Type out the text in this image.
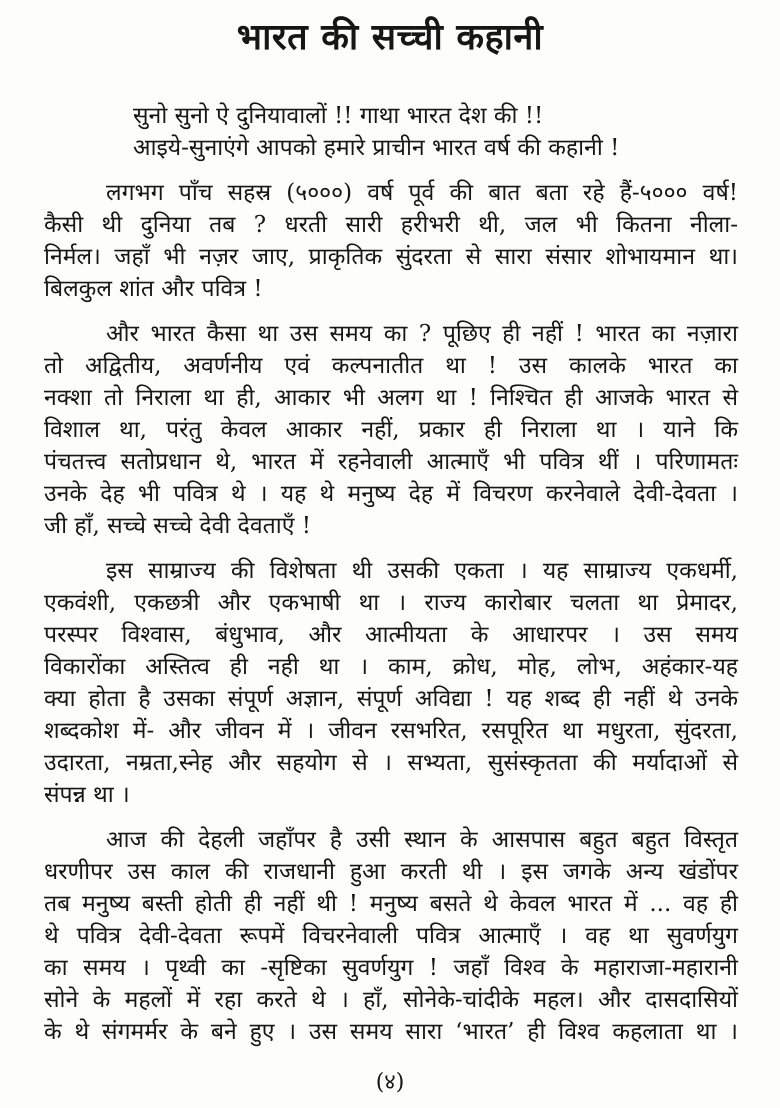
भारत की सच्ची कहानी
सुनो सुनो ऐ दुनियावालों !! गाथा भारत देश की !!
आइये-सुनाएंगे आपको हमारे प्राचीन भारत वर्ष की कहानी !
लगभग पाँच सहस्र (५०००) वर्ष पूर्व की बात बता रहे हैं-५००० वर्ष!
कैसी थी दुनिया तब ? धरती सारी हरीभरी थी, जल भी कितना नीला-
निर्मल। जहाँ भी नज़र जाए, प्राकृतिक सुंदरता से सारा संसार शोभायमान था।
बिलकुल शांत और पवित्र !
और भारत कैसा था उस समय का ? पूछिए ही नहीं ! भारत का नज़ारा
तो अद्वितीय, अवर्णनीय एवं कल्पनातीत था ! उस कालके भारत का
नक्शा तो निराला था ही, आकार भी अलग था ! निश्चित ही आजके भारत से
विशाल था, परंतु केवल आकार नहीं, प्रकार ही निराला था । याने कि
पंचतत्त्व सतोप्रधान थे, भारत में रहनेवाली आत्माएँ भी पवित्र थीं । परिणामतः
उनके देह भी पवित्र थे । यह थे मनुष्य देह में विचरण करनेवाले देवी-देवता ।
जी हाँ, सच्चे सच्चे देवी देवताएँ !
इस साम्राज्य की विशेषता थी उसकी एकता । यह साम्राज्य एकधर्मी,
एकवंशी, एकछत्री और एकभाषी था । राज्य कारोबार चलता था प्रेमादर,
परस्पर विश्वास, बंधुभाव, और आत्मीयता के आधारपर । उस समय
विकारोंका अस्तित्व ही नही था । काम, क्रोध, मोह, लोभ, अहंकार-यह
क्या होता है उसका संपूर्ण अज्ञान, संपूर्ण अविद्या ! यह शब्द ही नहीं थे उनके
शब्दकोश में- और जीवन में । जीवन रसभरित, रसपूरित था मधुरता, सुंदरता,
उदारता, नम्रता,स्नेह और सहयोग से । सभ्यता, सुसंस्कृतता की मर्यादाओं से
संपन्न था ।
आज की देहली जहाँपर है उसी स्थान के आसपास बहुत बहुत विस्तृत
धरणीपर उस काल की राजधानी हुआ करती थी । इस जगके अन्य खंडोंपर
तब मनुष्य बस्ती होती ही नहीं थी ! मनुष्य बसते थे केवल भारत में ... वह ही
थे पवित्र देवी-देवता रूपमें विचरनेवाली पवित्र आत्माएँ । वह था सुवर्णयुग
का समय । पृथ्वी का -सृष्टिका सुवर्णयुग ! जहाँ विश्व के महाराजा-महारानी
सोने के महलों में रहा करते थे । हाँ, सोनेके-चांदीके महल। और दासदासियों
के थे संगमर्मर के बने हुए । उस समय सारा ‘भारत’ ही विश्व कहलाता था ।
(४)
